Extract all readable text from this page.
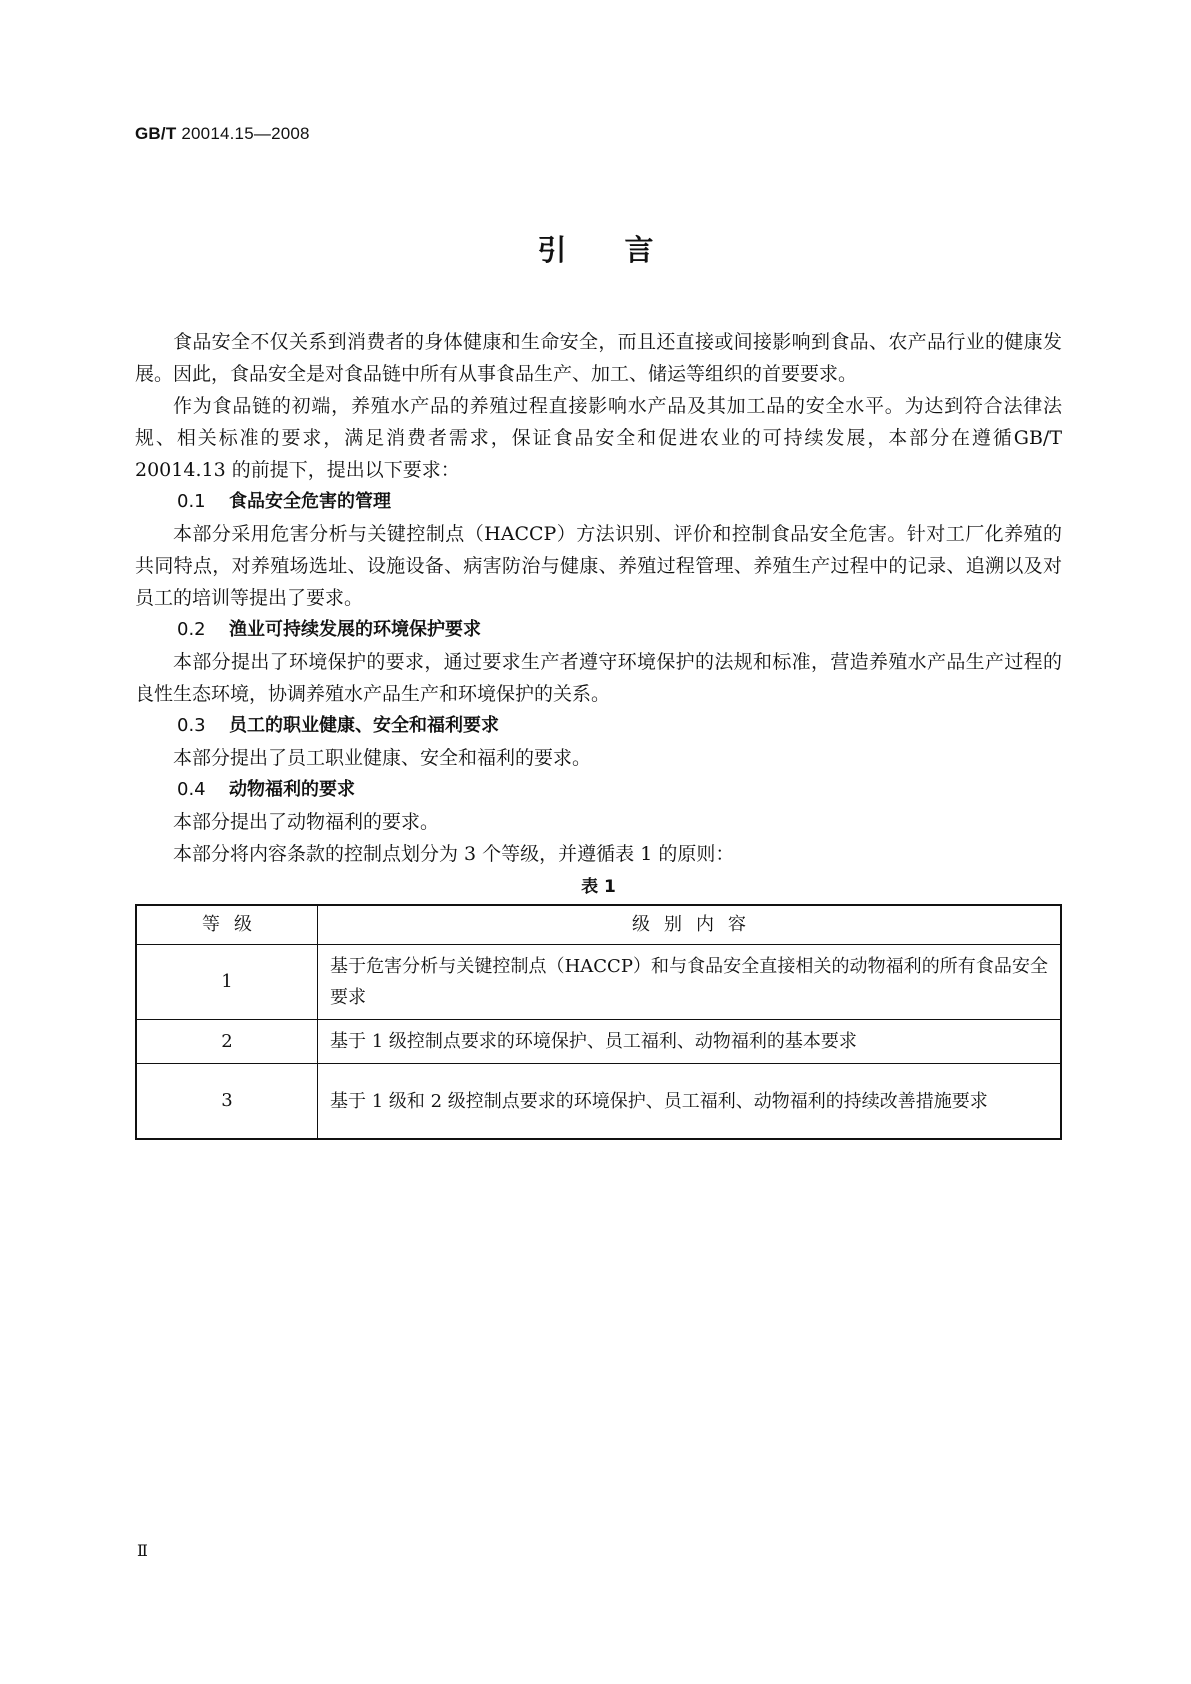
GB/T 20014.15—2008
引 言

食品安全不仅关系到消费者的身体健康和生命安全，而且还直接或间接影响到食品、农产品行业的健康发展。因此，食品安全是对食品链中所有从事食品生产、加工、储运等组织的首要要求。

作为食品链的初端，养殖水产品的养殖过程直接影响水产品及其加工品的安全水平。为达到符合法律法规、相关标准的要求，满足消费者需求，保证食品安全和促进农业的可持续发展，本部分在遵循GB/T 20014.13 的前提下，提出以下要求：

0.1 食品安全危害的管理

本部分采用危害分析与关键控制点（HACCP）方法识别、评价和控制食品安全危害。针对工厂化养殖的共同特点，对养殖场选址、设施设备、病害防治与健康、养殖过程管理、养殖生产过程中的记录、追溯以及对员工的培训等提出了要求。

0.2 渔业可持续发展的环境保护要求

本部分提出了环境保护的要求，通过要求生产者遵守环境保护的法规和标准，营造养殖水产品生产过程的良性生态环境，协调养殖水产品生产和环境保护的关系。

0.3 员工的职业健康、安全和福利要求

本部分提出了员工职业健康、安全和福利的要求。

0.4 动物福利的要求

本部分提出了动物福利的要求。

本部分将内容条款的控制点划分为 3 个等级，并遵循表 1 的原则：

表 1
等级	级别内容
1	基于危害分析与关键控制点（HACCP）和与食品安全直接相关的动物福利的所有食品安全要求
2	基于 1 级控制点要求的环境保护、员工福利、动物福利的基本要求
3	基于 1 级和 2 级控制点要求的环境保护、员工福利、动物福利的持续改善措施要求
Ⅱ
